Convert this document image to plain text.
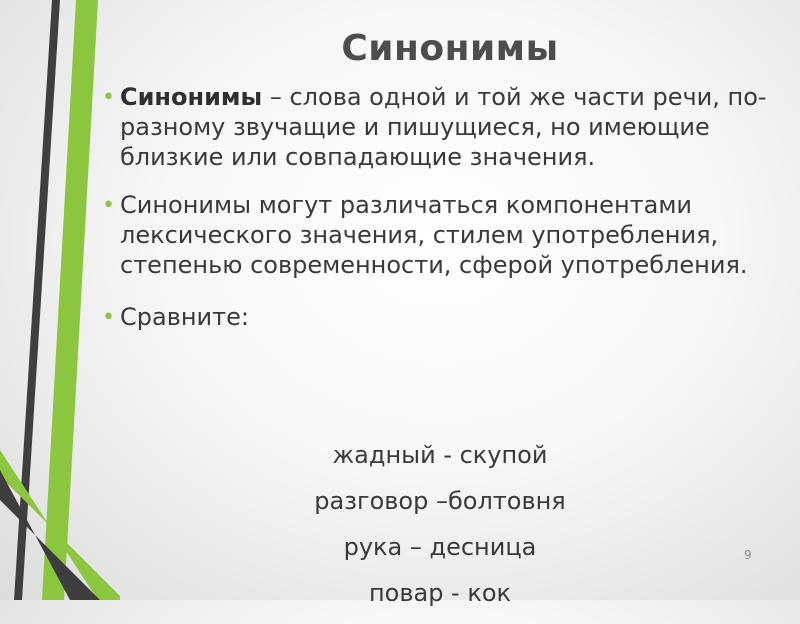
Синонимы
• Синонимы – слова одной и той же части речи, по-разному звучащие и пишущиеся, но имеющие близкие или совпадающие значения.
• Синонимы могут различаться компонентами лексического значения, стилем употребления, степенью современности, сферой употребления.
• Сравните:
жадный - скупой
разговор –болтовня
рука – десница
повар - кок
9
